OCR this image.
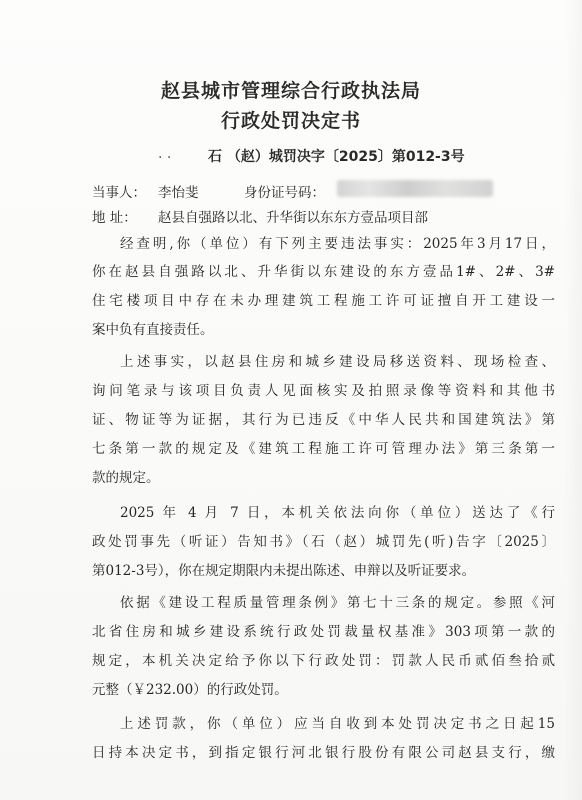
赵县城市管理综合行政执法局
行政处罚决定书
. .	石 （赵）城罚决字〔2025〕第012-3号
当事人： 李怡斐	身份证号码：
地 址： 赵县自强路以北、升华街以东东方壹品项目部
经查明,你（单位）有下列主要违法事实：2025年3月17日，
你在赵县自强路以北、升华街以东建设的东方壹品1#、2#、3#
住宅楼项目中存在未办理建筑工程施工许可证擅自开工建设一
案中负有直接责任。
上述事实，以赵县住房和城乡建设局移送资料、现场检查、
询问笔录与该项目负责人见面核实及拍照录像等资料和其他书
证、物证等为证据，其行为已违反《中华人民共和国建筑法》第
七条第一款的规定及《建筑工程施工许可管理办法》第三条第一
款的规定。
2025 年 4 月 7 日，本机关依法向你（单位）送达了《行
政处罚事先（听证）告知书》（石（赵）城罚先(听)告字〔2025〕
第012-3号），你在规定期限内未提出陈述、申辩以及听证要求。
依据《建设工程质量管理条例》第七十三条的规定。参照《河
北省住房和城乡建设系统行政处罚裁量权基准》303项第一款的
规定，本机关决定给予你以下行政处罚：罚款人民币贰佰叁拾贰
元整（￥232.00）的行政处罚。
上述罚款，你（单位）应当自收到本处罚决定书之日起15
日持本决定书，到指定银行河北银行股份有限公司赵县支行，缴
